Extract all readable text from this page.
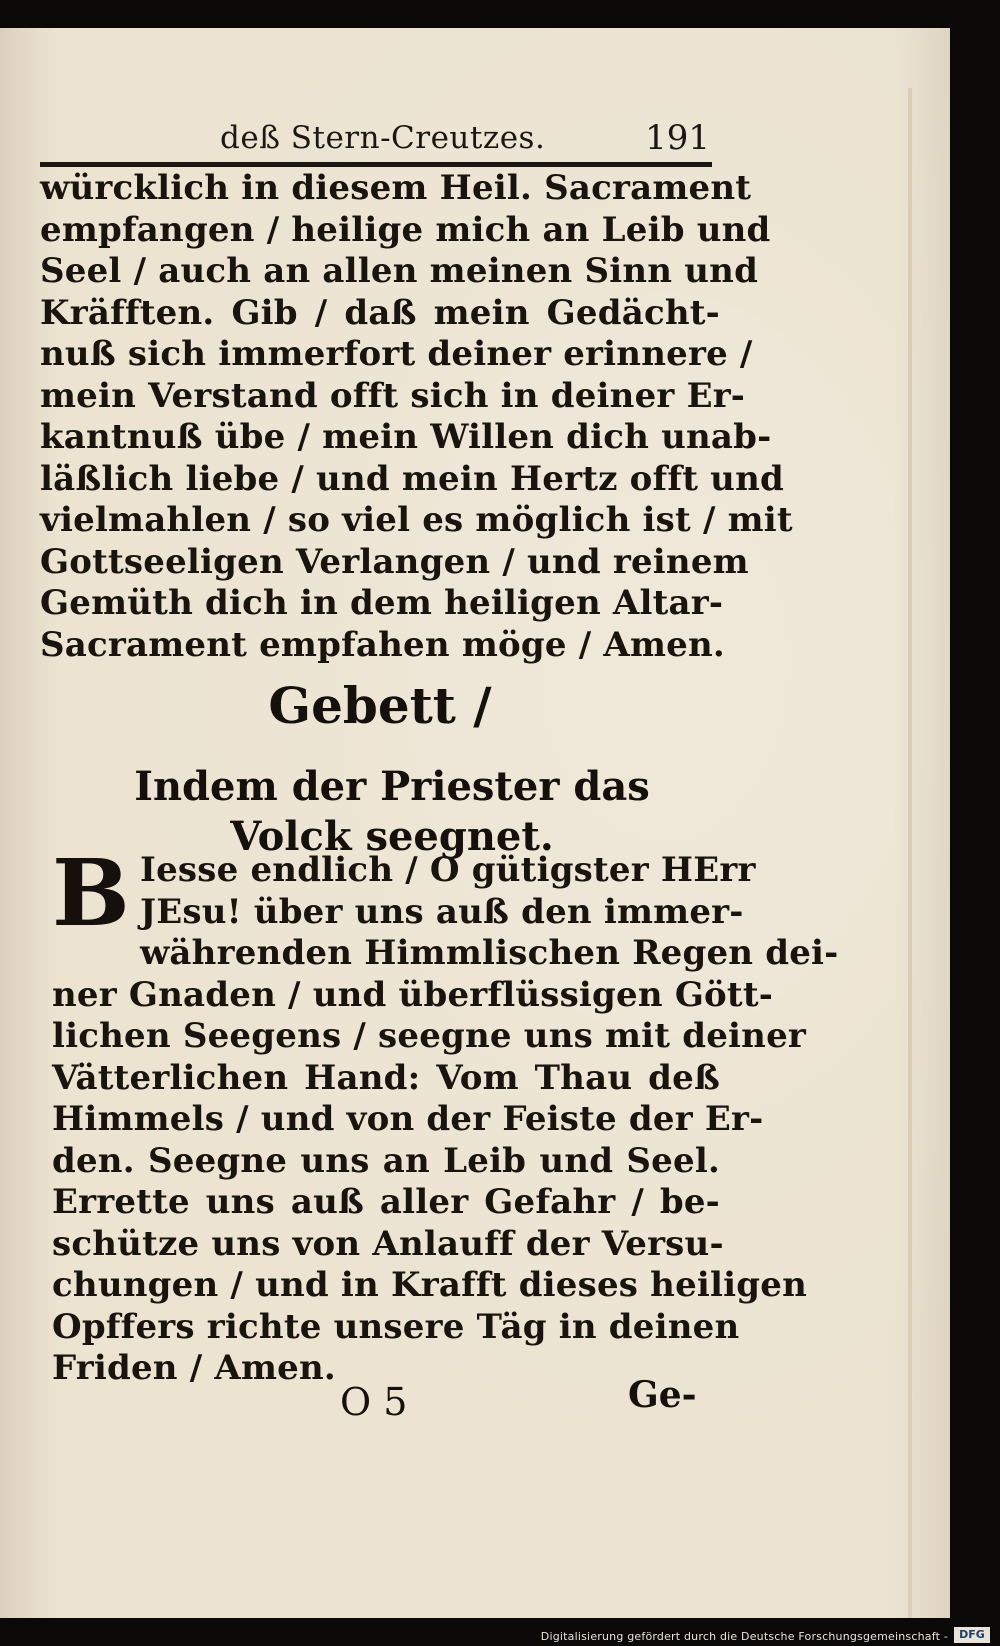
deß Stern-Creutzes.	191
würcklich in diesem Heil. Sacrament
empfangen / heilige mich an Leib und
Seel / auch an allen meinen Sinn und
Kräfften. Gib / daß mein Gedächt-
nuß sich immerfort deiner erinnere /
mein Verstand offt sich in deiner Er-
kantnuß übe / mein Willen dich unab-
läßlich liebe / und mein Hertz offt und
vielmahlen / so viel es möglich ist / mit
Gottseeligen Verlangen / und reinem
Gemüth dich in dem heiligen Altar-
Sacrament empfahen möge / Amen.
Gebett /
Indem der Priester das Volck seegnet.
B Iesse endlich / O gütigster HErr
JEsu! über uns auß den immer-
währenden Himmlischen Regen dei-
ner Gnaden / und überflüssigen Gött-
lichen Seegens / seegne uns mit deiner
Vätterlichen Hand: Vom Thau deß
Himmels / und von der Feiste der Er-
den. Seegne uns an Leib und Seel.
Errette uns auß aller Gefahr / be-
schütze uns von Anlauff der Versu-
chungen / und in Krafft dieses heiligen
Opffers richte unsere Täg in deinen
Friden / Amen.
O 5	Ge-
Digitalisierung gefördert durch die Deutsche Forschungsgemeinschaft -	DFG
